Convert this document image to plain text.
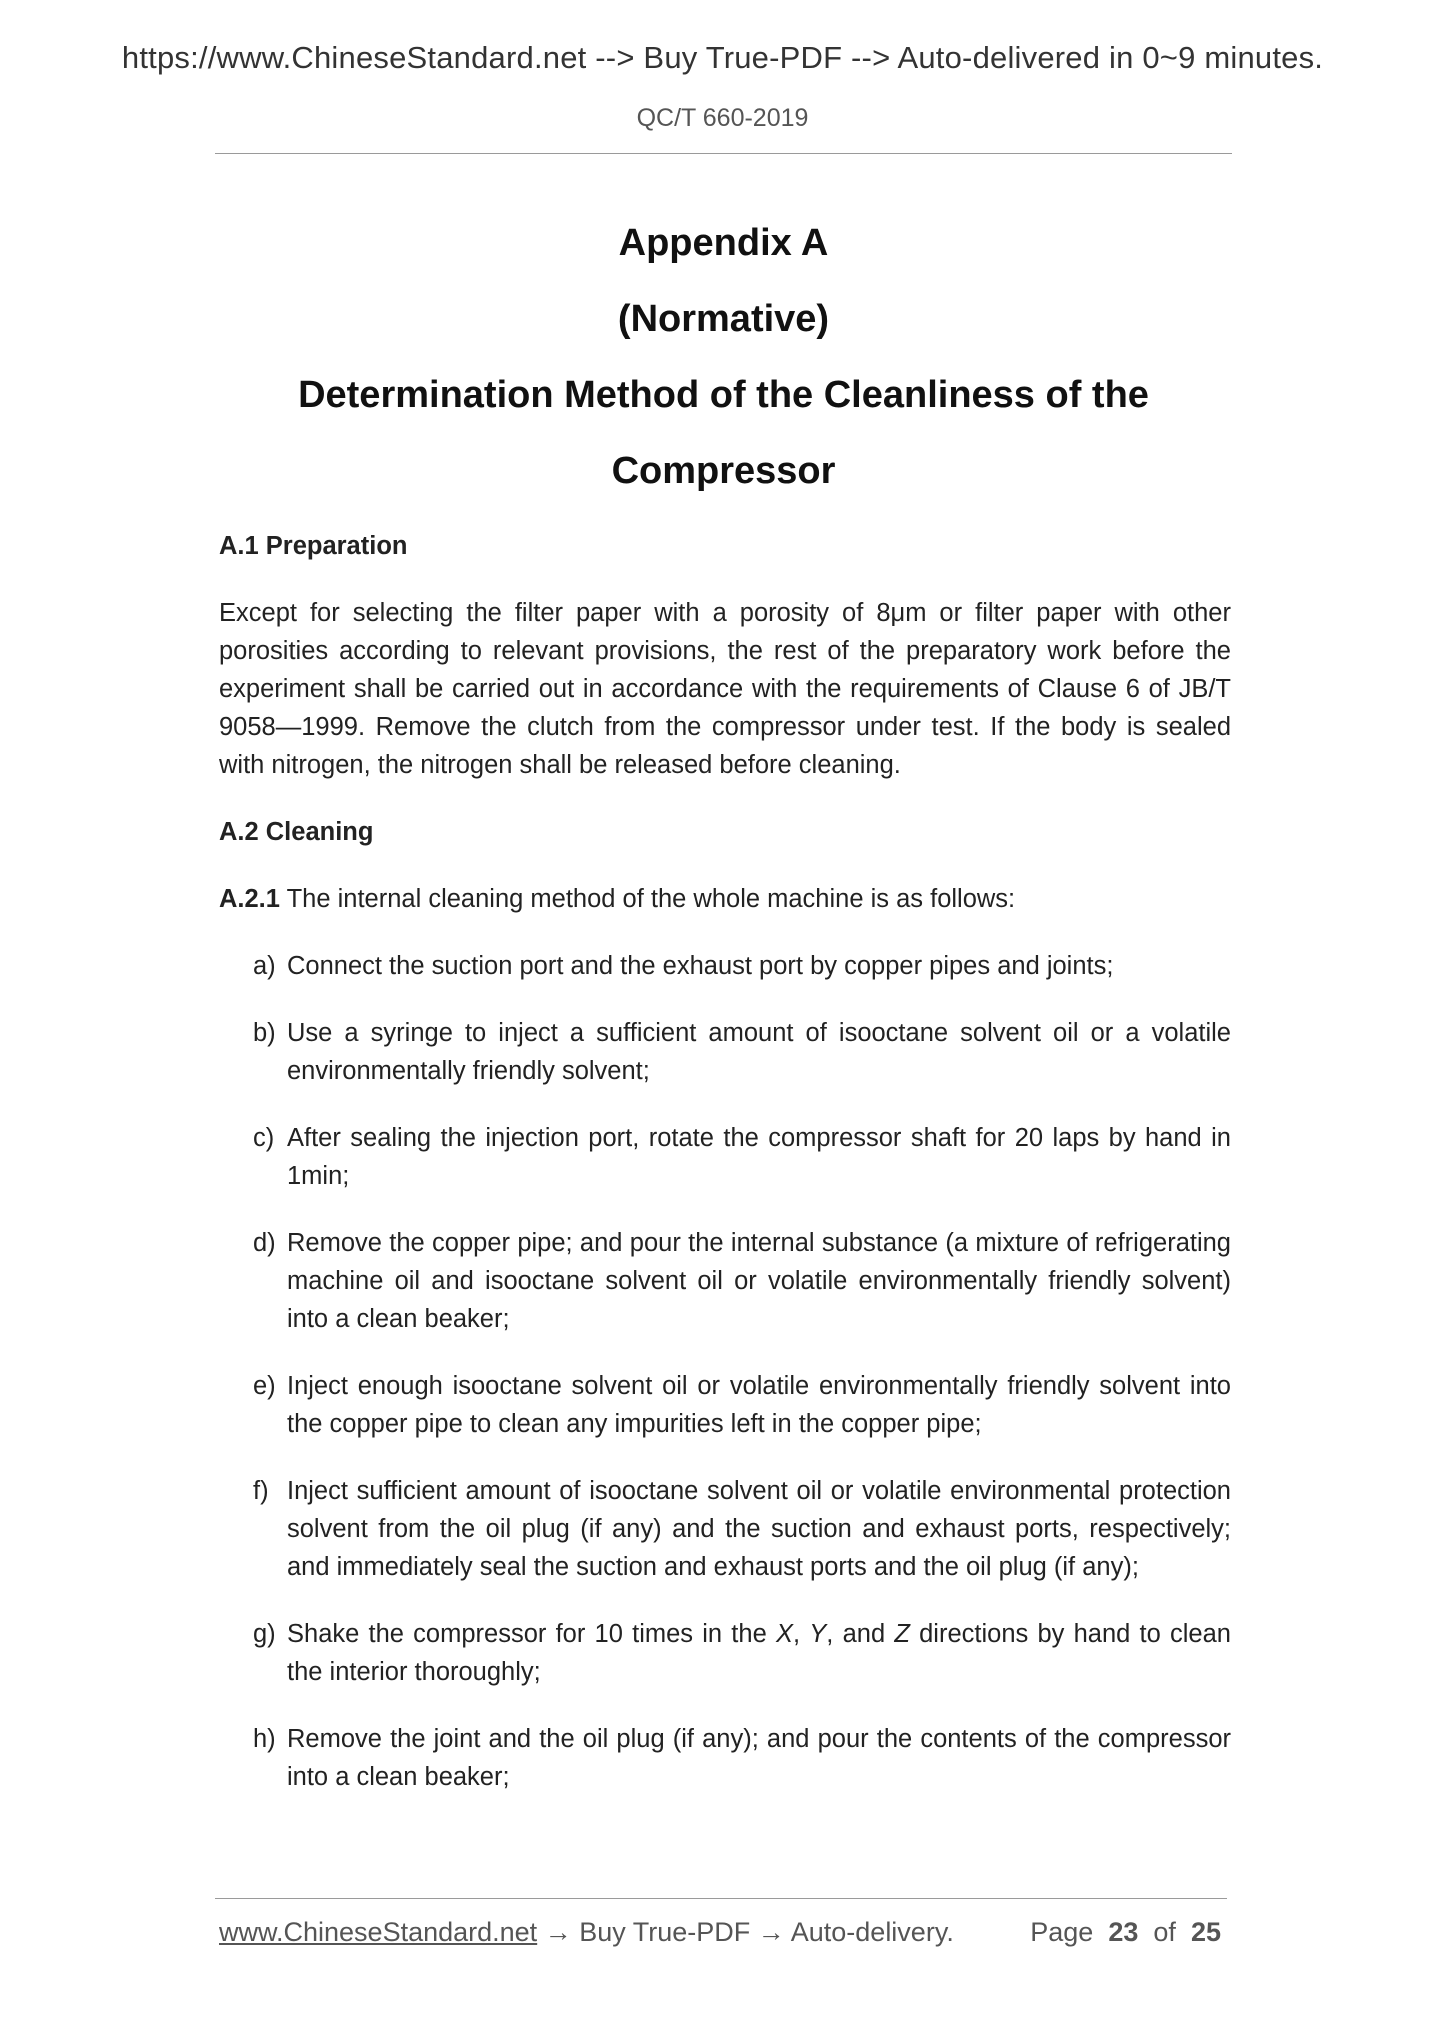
https://www.ChineseStandard.net --> Buy True-PDF --> Auto-delivered in 0~9 minutes.
QC/T 660-2019
Appendix A
(Normative)
Determination Method of the Cleanliness of the
Compressor
A.1 Preparation
Except for selecting the filter paper with a porosity of 8μm or filter paper with other porosities according to relevant provisions, the rest of the preparatory work before the experiment shall be carried out in accordance with the requirements of Clause 6 of JB/T 9058—1999. Remove the clutch from the compressor under test. If the body is sealed with nitrogen, the nitrogen shall be released before cleaning.
A.2 Cleaning
A.2.1 The internal cleaning method of the whole machine is as follows:
a) Connect the suction port and the exhaust port by copper pipes and joints;
b) Use a syringe to inject a sufficient amount of isooctane solvent oil or a volatile environmentally friendly solvent;
c) After sealing the injection port, rotate the compressor shaft for 20 laps by hand in 1min;
d) Remove the copper pipe; and pour the internal substance (a mixture of refrigerating machine oil and isooctane solvent oil or volatile environmentally friendly solvent) into a clean beaker;
e) Inject enough isooctane solvent oil or volatile environmentally friendly solvent into the copper pipe to clean any impurities left in the copper pipe;
f) Inject sufficient amount of isooctane solvent oil or volatile environmental protection solvent from the oil plug (if any) and the suction and exhaust ports, respectively; and immediately seal the suction and exhaust ports and the oil plug (if any);
g) Shake the compressor for 10 times in the X, Y, and Z directions by hand to clean the interior thoroughly;
h) Remove the joint and the oil plug (if any); and pour the contents of the compressor into a clean beaker;
www.ChineseStandard.net → Buy True-PDF → Auto-delivery.	Page 23 of 25
